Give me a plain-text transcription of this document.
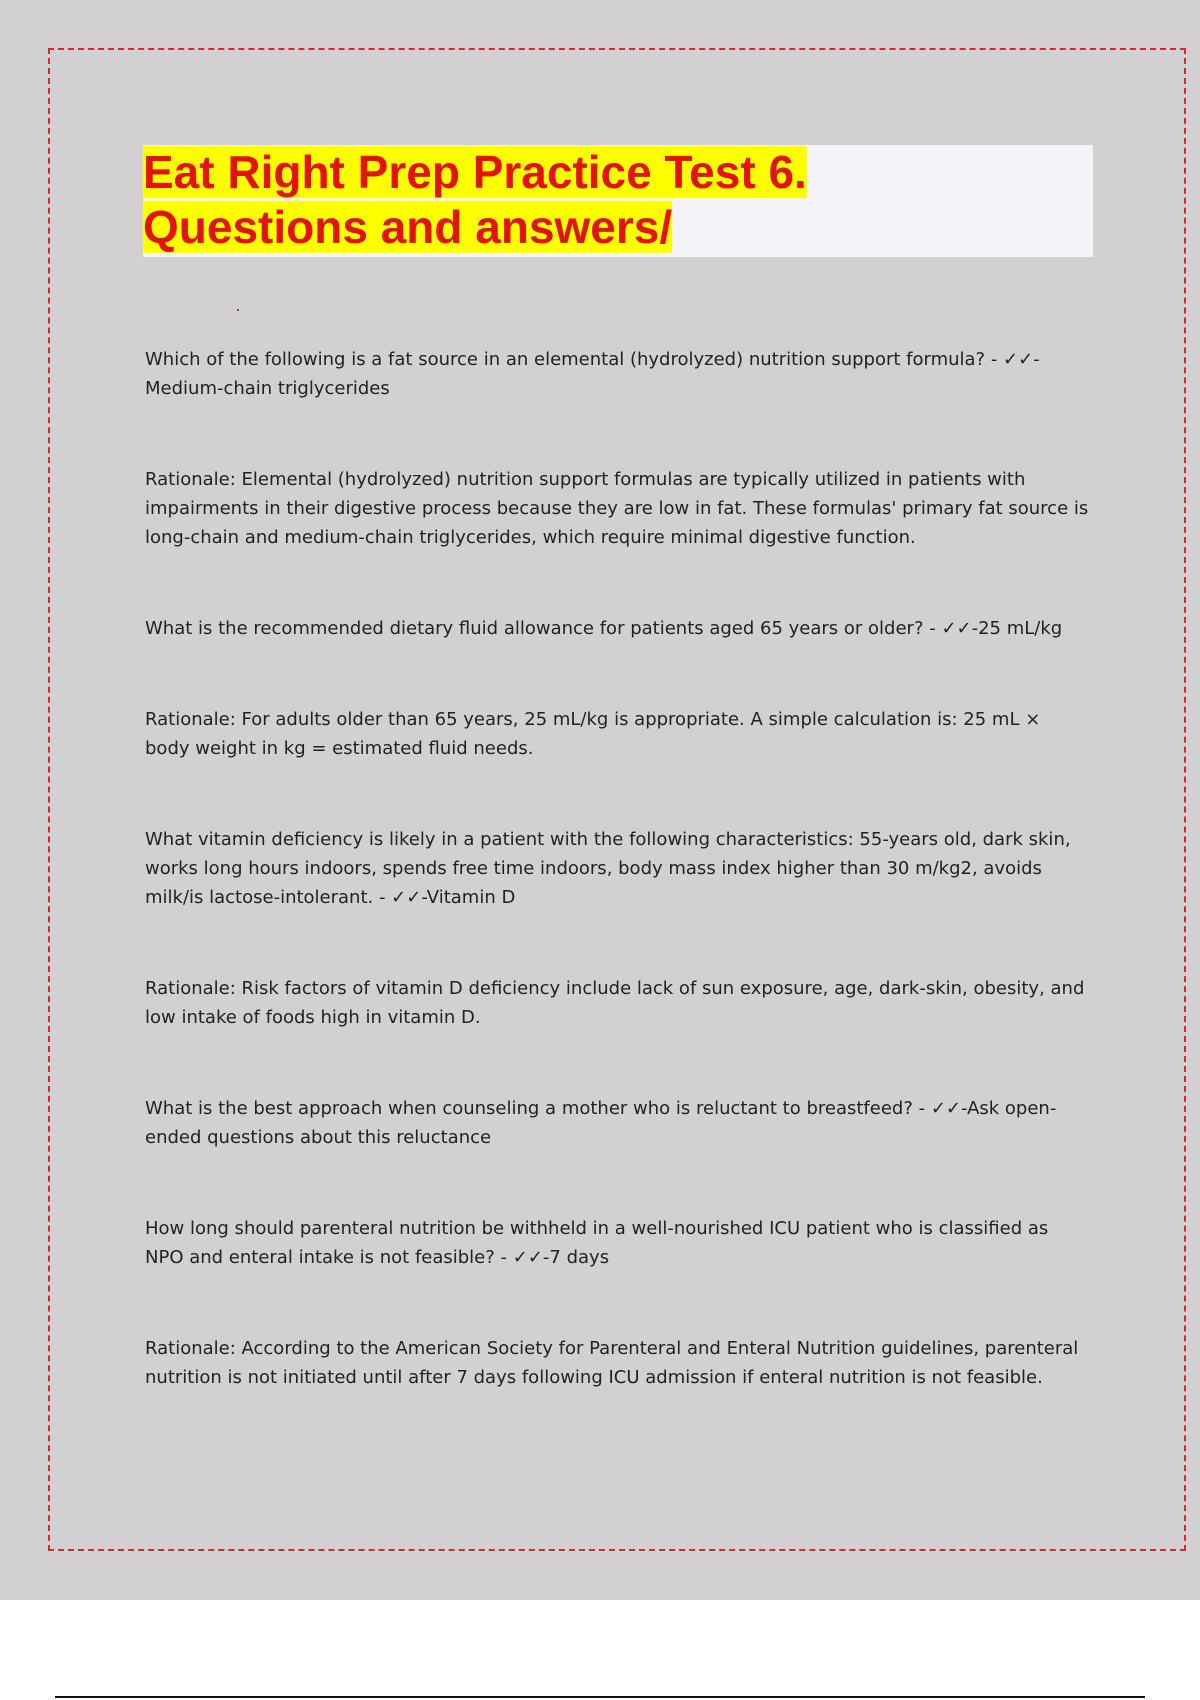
Eat Right Prep Practice Test 6.
Questions and answers/

Which of the following is a fat source in an elemental (hydrolyzed) nutrition support formula? - ✓✓- Medium-chain triglycerides

Rationale: Elemental (hydrolyzed) nutrition support formulas are typically utilized in patients with impairments in their digestive process because they are low in fat. These formulas' primary fat source is long-chain and medium-chain triglycerides, which require minimal digestive function.

What is the recommended dietary fluid allowance for patients aged 65 years or older? - ✓✓-25 mL/kg

Rationale: For adults older than 65 years, 25 mL/kg is appropriate. A simple calculation is: 25 mL × body weight in kg = estimated fluid needs.

What vitamin deficiency is likely in a patient with the following characteristics: 55-years old, dark skin, works long hours indoors, spends free time indoors, body mass index higher than 30 m/kg2, avoids milk/is lactose-intolerant. - ✓✓-Vitamin D

Rationale: Risk factors of vitamin D deficiency include lack of sun exposure, age, dark-skin, obesity, and low intake of foods high in vitamin D.

What is the best approach when counseling a mother who is reluctant to breastfeed? - ✓✓-Ask open-ended questions about this reluctance

How long should parenteral nutrition be withheld in a well-nourished ICU patient who is classified as NPO and enteral intake is not feasible? - ✓✓-7 days

Rationale: According to the American Society for Parenteral and Enteral Nutrition guidelines, parenteral nutrition is not initiated until after 7 days following ICU admission if enteral nutrition is not feasible.
